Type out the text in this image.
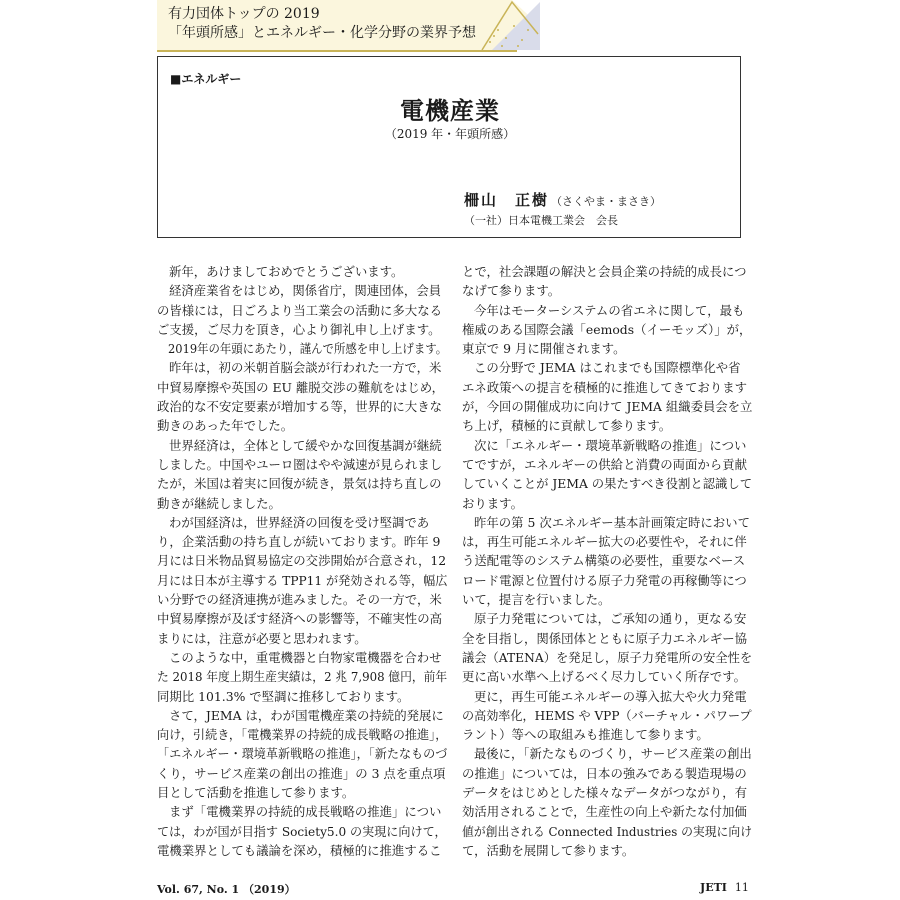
有力団体トップの 2019
「年頭所感」とエネルギー・化学分野の業界予想
■エネルギー
電機産業
（2019 年・年頭所感）
柵山　正樹 （さくやま・まさき）
（一社）日本電機工業会　会長
新年，あけましておめでとうございます。
経済産業省をはじめ，関係省庁，関連団体，会員
の皆様には，日ごろより当工業会の活動に多大なる
ご支援，ご尽力を頂き，心より御礼申し上げます。
2019年の年頭にあたり，謹んで所感を申し上げます。
昨年は，初の米朝首脳会談が行われた一方で，米
中貿易摩擦や英国の EU 離脱交渉の難航をはじめ，
政治的な不安定要素が増加する等，世界的に大きな
動きのあった年でした。
世界経済は，全体として緩やかな回復基調が継続
しました。中国やユーロ圏はやや減速が見られまし
たが，米国は着実に回復が続き，景気は持ち直しの
動きが継続しました。
わが国経済は，世界経済の回復を受け堅調であ
り，企業活動の持ち直しが続いております。昨年 9
月には日米物品貿易協定の交渉開始が合意され，12
月には日本が主導する TPP11 が発効される等，幅広
い分野での経済連携が進みました。その一方で，米
中貿易摩擦が及ぼす経済への影響等，不確実性の高
まりには，注意が必要と思われます。
このような中，重電機器と白物家電機器を合わせ
た 2018 年度上期生産実績は，2 兆 7,908 億円，前年
同期比 101.3% で堅調に推移しております。
さて，JEMA は，わが国電機産業の持続的発展に
向け，引続き，「電機業界の持続的成長戦略の推進」，
「エネルギー・環境革新戦略の推進」，「新たなものづ
くり，サービス産業の創出の推進」の 3 点を重点項
目として活動を推進して参ります。
まず「電機業界の持続的成長戦略の推進」につい
ては，わが国が目指す Society5.0 の実現に向けて，
電機業界としても議論を深め，積極的に推進するこ
とで，社会課題の解決と会員企業の持続的成長につ
なげて参ります。
今年はモーターシステムの省エネに関して，最も
権威のある国際会議「eemods（イーモッズ）」が，
東京で 9 月に開催されます。
この分野で JEMA はこれまでも国際標準化や省
エネ政策への提言を積極的に推進してきております
が，今回の開催成功に向けて JEMA 組織委員会を立
ち上げ，積極的に貢献して参ります。
次に「エネルギー・環境革新戦略の推進」につい
てですが，エネルギーの供給と消費の両面から貢献
していくことが JEMA の果たすべき役割と認識して
おります。
昨年の第 5 次エネルギー基本計画策定時において
は，再生可能エネルギー拡大の必要性や，それに伴
う送配電等のシステム構築の必要性，重要なベース
ロード電源と位置付ける原子力発電の再稼働等につ
いて，提言を行いました。
原子力発電については，ご承知の通り，更なる安
全を目指し，関係団体とともに原子力エネルギー協
議会（ATENA）を発足し，原子力発電所の安全性を
更に高い水準へ上げるべく尽力していく所存です。
更に，再生可能エネルギーの導入拡大や火力発電
の高効率化，HEMS や VPP（バーチャル・パワープ
ラント）等への取組みも推進して参ります。
最後に，「新たなものづくり，サービス産業の創出
の推進」については，日本の強みである製造現場の
データをはじめとした様々なデータがつながり，有
効活用されることで，生産性の向上や新たな付加価
値が創出される Connected Industries の実現に向け
て，活動を展開して参ります。
Vol. 67, No. 1 （2019）	JETI 11
